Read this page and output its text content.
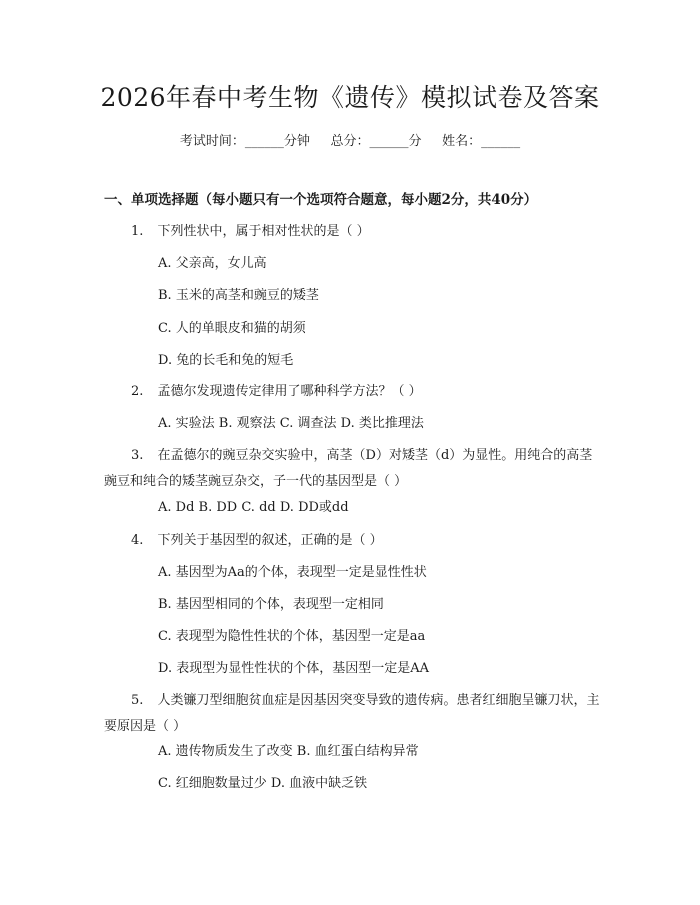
2026年春中考生物《遗传》模拟试卷及答案
考试时间：______分钟     总分：______分     姓名：______
一、单项选择题（每小题只有一个选项符合题意，每小题2分，共40分）
1. 下列性状中，属于相对性状的是（ ）
A. 父亲高，女儿高
B. 玉米的高茎和豌豆的矮茎
C. 人的单眼皮和猫的胡须
D. 兔的长毛和兔的短毛
2. 孟德尔发现遗传定律用了哪种科学方法？（ ）
A. 实验法 B. 观察法 C. 调查法 D. 类比推理法
3. 在孟德尔的豌豆杂交实验中，高茎（D）对矮茎（d）为显性。用纯合的高茎豌豆和纯合的矮茎豌豆杂交，子一代的基因型是（ ）
A. Dd B. DD C. dd D. DD或dd
4. 下列关于基因型的叙述，正确的是（ ）
A. 基因型为Aa的个体，表现型一定是显性性状
B. 基因型相同的个体，表现型一定相同
C. 表现型为隐性性状的个体，基因型一定是aa
D. 表现型为显性性状的个体，基因型一定是AA
5. 人类镰刀型细胞贫血症是因基因突变导致的遗传病。患者红细胞呈镰刀状，主要原因是（ ）
A. 遗传物质发生了改变 B. 血红蛋白结构异常
C. 红细胞数量过少 D. 血液中缺乏铁
